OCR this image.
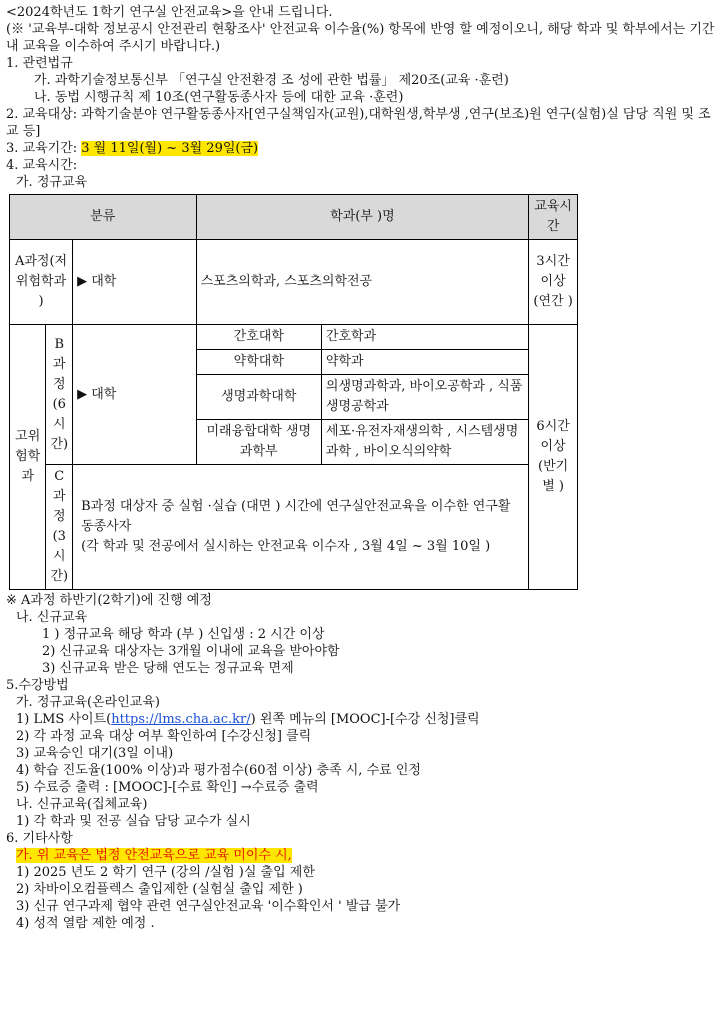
<2024학년도 1학기 연구실 안전교육>을 안내 드립니다.
(※ '교육부-대학 정보공시 안전관리 현황조사' 안전교육 이수율(%) 항목에 반영 할 예정이오니, 해당 학과 및 학부에서는 기간 내 교육을 이수하여 주시기 바랍니다.)
1. 관련법규
가. 과학기술정보통신부 「연구실 안전환경 조 성에 관한 법률」 제20조(교육 ·훈련)
나. 동법 시행규칙 제 10조(연구활동종사자 등에 대한 교육 ·훈련)
2. 교육대상: 과학기술분야 연구활동종사자[연구실책임자(교원),대학원생,학부생 ,연구(보조)원 연구(실험)실 담당 직원 및 조교 등]
3. 교육기간: 3 월 11일(월) ~ 3월 29일(금)
4. 교육시간:
가. 정규교육
분류			학과(부 )명		교육시간
A과정(저위험학과 )		▶ 대학	스포츠의학과, 스포츠의학전공		3시간 이상 (연간 )
고위험학과	B과정(6시간)	▶ 대학	간호대학	간호학과	6시간 이상 (반기별 )
			약학대학	약학과	
			생명과학대학	의생명과학과, 바이오공학과 , 식품생명공학과	
			미래융합대학 생명과학부	세포·유전자재생의학 , 시스템생명과학 , 바이오식의약학	
	C과정(3시간)	B과정 대상자 중 실험 ·실습 (대면 ) 시간에 연구실안전교육을 이수한 연구활동종사자
(각 학과 및 전공에서 실시하는 안전교육 이수자 , 3월 4일 ~ 3월 10일 )			
※ A과정 하반기(2학기)에 진행 예정
나. 신규교육
1 ) 정규교육 해당 학과 (부 ) 신입생 : 2 시간 이상
2) 신규교육 대상자는 3개월 이내에 교육을 받아야함
3) 신규교육 받은 당해 연도는 정규교육 면제
5.수강방법
가. 정규교육(온라인교육)
1) LMS 사이트(https://lms.cha.ac.kr/) 왼쪽 메뉴의 [MOOC]-[수강 신청]클릭
2) 각 과정 교육 대상 여부 확인하여 [수강신청] 클릭
3) 교육승인 대기(3일 이내)
4) 학습 진도율(100% 이상)과 평가점수(60점 이상) 충족 시, 수료 인정
5) 수료증 출력 : [MOOC]-[수료 확인] →수료증 출력
나. 신규교육(집체교육)
1) 각 학과 및 전공 실습 담당 교수가 실시
6. 기타사항
가. 위 교육은 법정 안전교육으로 교육 미이수 시,
1) 2025 년도 2 학기 연구 (강의 /실험 )실 출입 제한
2) 차바이오컴플렉스 출입제한 (실험실 출입 제한 )
3) 신규 연구과제 협약 관련 연구실안전교육 '이수확인서 ' 발급 불가
4) 성적 열람 제한 예정 .
